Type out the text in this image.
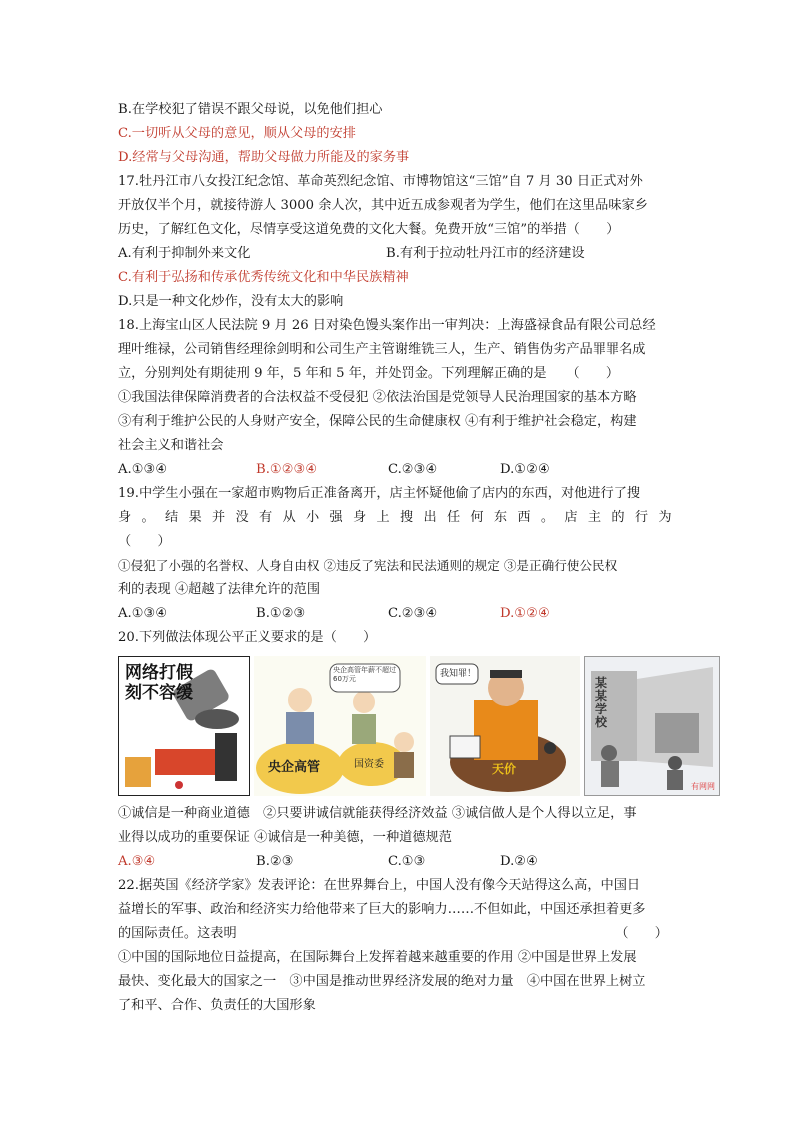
B.在学校犯了错误不跟父母说，以免他们担心
C.一切听从父母的意见，顺从父母的安排
D.经常与父母沟通，帮助父母做力所能及的家务事
17.牡丹江市八女投江纪念馆、革命英烈纪念馆、市博物馆这“三馆”自 7 月 30 日正式对外
开放仅半个月，就接待游人 3000 余人次，其中近五成参观者为学生，他们在这里品味家乡
历史，了解红色文化，尽情享受这道免费的文化大餐。免费开放“三馆”的举措（　　）
A.有利于抑制外来文化	B.有利于拉动牡丹江市的经济建设
C.有利于弘扬和传承优秀传统文化和中华民族精神
D.只是一种文化炒作，没有太大的影响
18.上海宝山区人民法院 9 月 26 日对染色馒头案作出一审判决：上海盛禄食品有限公司总经
理叶维禄，公司销售经理徐剑明和公司生产主管谢维铣三人，生产、销售伪劣产品罪罪名成
立，分别判处有期徒刑 9 年，5 年和 5 年，并处罚金。下列理解正确的是　　（　　）
①我国法律保障消费者的合法权益不受侵犯 ②依法治国是党领导人民治理国家的基本方略
③有利于维护公民的人身财产安全，保障公民的生命健康权 ④有利于维护社会稳定，构建
社会主义和谐社会
A.①③④	B.①②③④	C.②③④	D.①②④
19.中学生小强在一家超市购物后正准备离开，店主怀疑他偷了店内的东西，对他进行了搜
身。结果并没有从小强身上搜出任何东西。店主的行为
（　　）
①侵犯了小强的名誉权、人身自由权 ②违反了宪法和民法通则的规定 ③是正确行使公民权
利的表现 ④超越了法律允许的范围
A.①③④	B.①②③	C.②③④	D.①②④
20.下列做法体现公平正义要求的是（　　）
网络打假
刻不容缓
央企高管年薪不超过60万元
央企高管	国资委
我知罪！
天价
某某学校
有网网
①诚信是一种商业道德　②只要讲诚信就能获得经济效益 ③诚信做人是个人得以立足，事
业得以成功的重要保证 ④诚信是一种美德，一种道德规范
A.③④	B.②③	C.①③	D.②④
22.据英国《经济学家》发表评论：在世界舞台上，中国人没有像今天站得这么高，中国日
益增长的军事、政治和经济实力给他带来了巨大的影响力……不但如此，中国还承担着更多
的国际责任。这表明	（　　）
①中国的国际地位日益提高，在国际舞台上发挥着越来越重要的作用 ②中国是世界上发展
最快、变化最大的国家之一　③中国是推动世界经济发展的绝对力量　④中国在世界上树立
了和平、合作、负责任的大国形象
